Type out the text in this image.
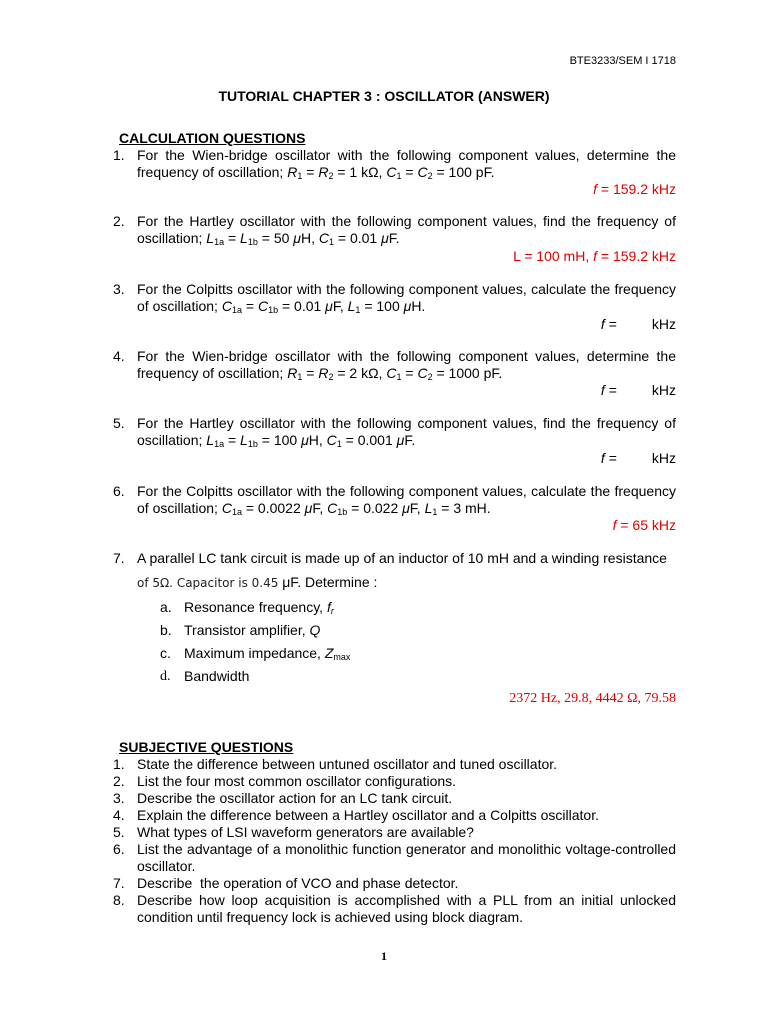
BTE3233/SEM I 1718
TUTORIAL CHAPTER 3 : OSCILLATOR (ANSWER)
CALCULATION QUESTIONS
1. For the Wien-bridge oscillator with the following component values, determine the frequency of oscillation; $R_1 = R_2 = 1$ kΩ, $C_1 = C_2 = 100$ pF.
f = 159.2 kHz
2. For the Hartley oscillator with the following component values, find the frequency of oscillation; $L_{1a} = L_{1b} = 50$ μH, $C_1 = 0.01$ μF.
L = 100 mH, f = 159.2 kHz
3. For the Colpitts oscillator with the following component values, calculate the frequency of oscillation; $C_{1a} = C_{1b} = 0.01$ μF, $L_1 = 100$ μH.
f =         kHz
4. For the Wien-bridge oscillator with the following component values, determine the frequency of oscillation; $R_1 = R_2 = 2$ kΩ, $C_1 = C_2 = 1000$ pF.
f =         kHz
5. For the Hartley oscillator with the following component values, find the frequency of oscillation; $L_{1a} = L_{1b} = 100$ μH, $C_1 = 0.001$ μF.
f =         kHz
6. For the Colpitts oscillator with the following component values, calculate the frequency of oscillation; $C_{1a} = 0.0022$ μF, $C_{1b} = 0.022$ μF, $L_1 = 3$ mH.
f = 65 kHz
7. A parallel LC tank circuit is made up of an inductor of 10 mH and a winding resistance
of 5Ω. Capacitor is 0.45 μF. Determine :
a. Resonance frequency, $f_r$
b. Transistor amplifier, Q
c. Maximum impedance, $Z_{max}$
d. Bandwidth
2372 Hz, 29.8, 4442 Ω, 79.58
SUBJECTIVE QUESTIONS
1. State the difference between untuned oscillator and tuned oscillator.
2. List the four most common oscillator configurations.
3. Describe the oscillator action for an LC tank circuit.
4. Explain the difference between a Hartley oscillator and a Colpitts oscillator.
5. What types of LSI waveform generators are available?
6. List the advantage of a monolithic function generator and monolithic voltage-controlled oscillator.
7. Describe  the operation of VCO and phase detector.
8. Describe how loop acquisition is accomplished with a PLL from an initial unlocked condition until frequency lock is achieved using block diagram.
1
